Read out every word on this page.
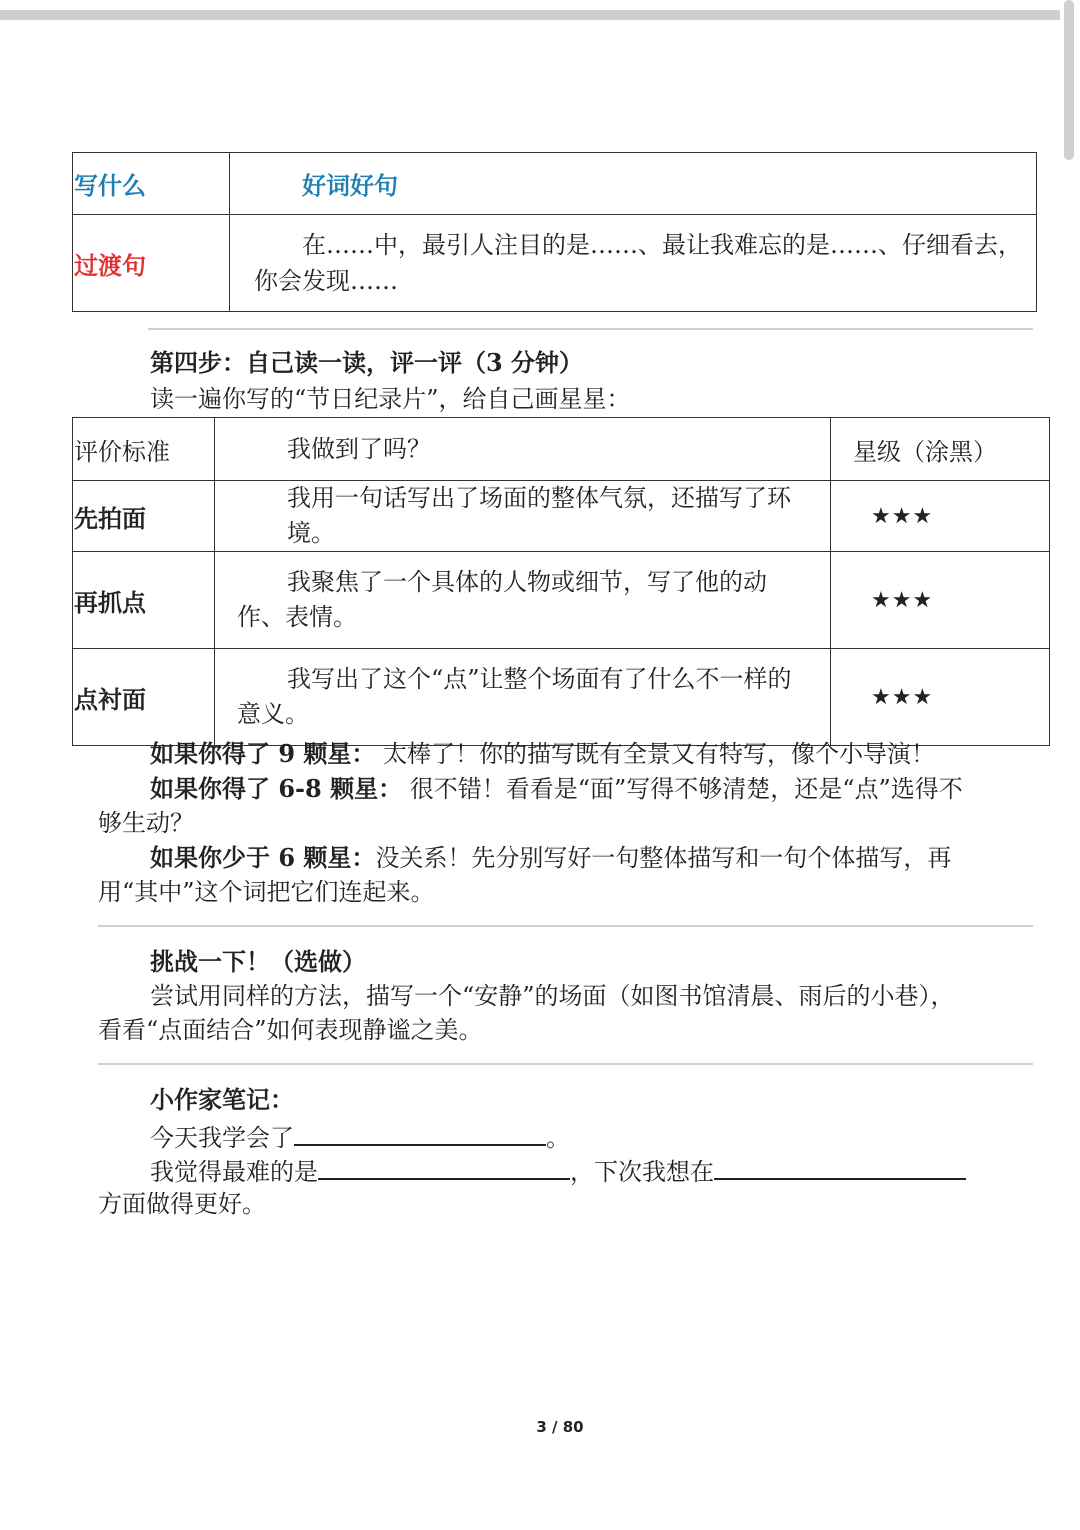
写什么	好词好句
过渡句	在……中，最引人注目的是……、最让我难忘的是……、仔细看去，你会发现……
第四步：自己读一读，评一评（3 分钟）
读一遍你写的“节日纪录片”，给自己画星星：
评价标准	我做到了吗？	星级（涂黑）
先拍面	我用一句话写出了场面的整体气氛，还描写了环境。	★★★
再抓点	我聚焦了一个具体的人物或细节，写了他的动作、表情。	★★★
点衬面	我写出了这个“点”让整个场面有了什么不一样的意义。	★★★
如果你得了 9 颗星： 太棒了！你的描写既有全景又有特写，像个小导演！
如果你得了 6-8 颗星： 很不错！看看是“面”写得不够清楚，还是“点”选得不
够生动？
如果你少于 6 颗星：没关系！先分别写好一句整体描写和一句个体描写，再
用“其中”这个词把它们连起来。
挑战一下！（选做）
尝试用同样的方法，描写一个“安静”的场面（如图书馆清晨、雨后的小巷），
看看“点面结合”如何表现静谧之美。
小作家笔记：
今天我学会了	。
我觉得最难的是	，下次我想在
方面做得更好。
3 / 80
